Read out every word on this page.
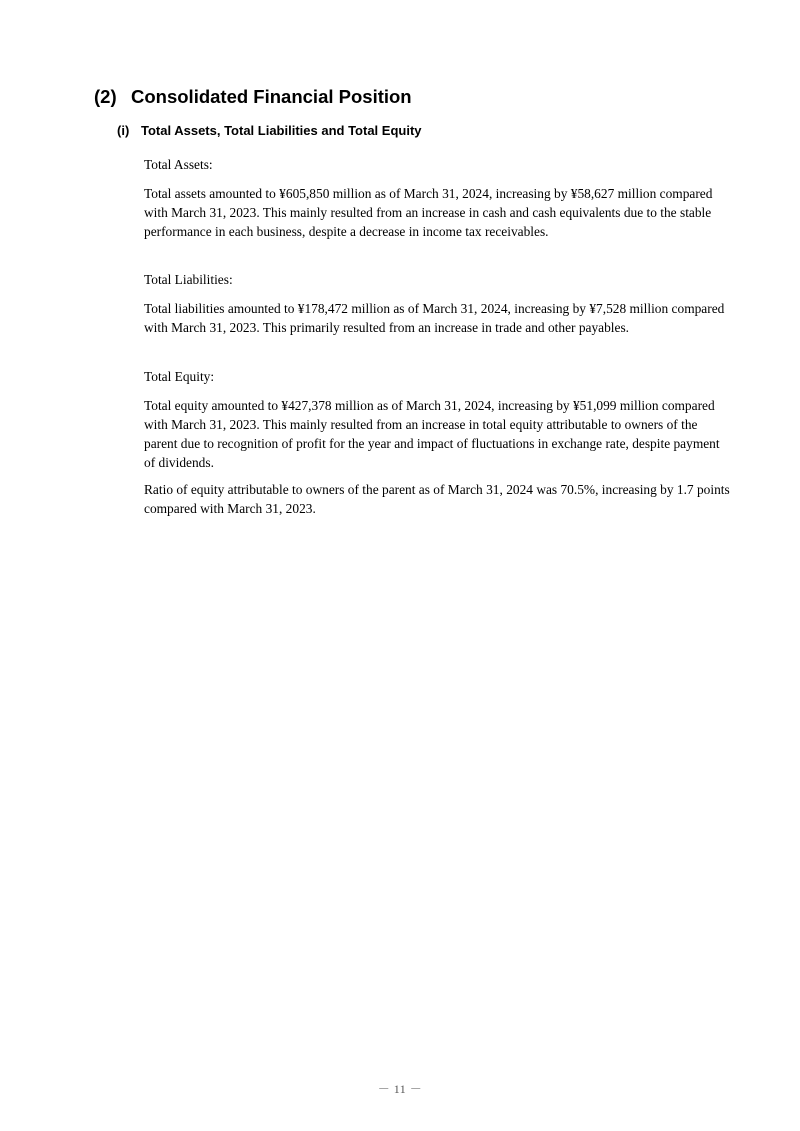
(2) Consolidated Financial Position
(i) Total Assets, Total Liabilities and Total Equity

Total Assets:

Total assets amounted to ¥605,850 million as of March 31, 2024, increasing by ¥58,627 million compared with March 31, 2023. This mainly resulted from an increase in cash and cash equivalents due to the stable performance in each business, despite a decrease in income tax receivables.

Total Liabilities:

Total liabilities amounted to ¥178,472 million as of March 31, 2024, increasing by ¥7,528 million compared with March 31, 2023. This primarily resulted from an increase in trade and other payables.

Total Equity:

Total equity amounted to ¥427,378 million as of March 31, 2024, increasing by ¥51,099 million compared with March 31, 2023. This mainly resulted from an increase in total equity attributable to owners of the parent due to recognition of profit for the year and impact of fluctuations in exchange rate, despite payment of dividends.

Ratio of equity attributable to owners of the parent as of March 31, 2024 was 70.5%, increasing by 1.7 points compared with March 31, 2023.

－ 11 －
